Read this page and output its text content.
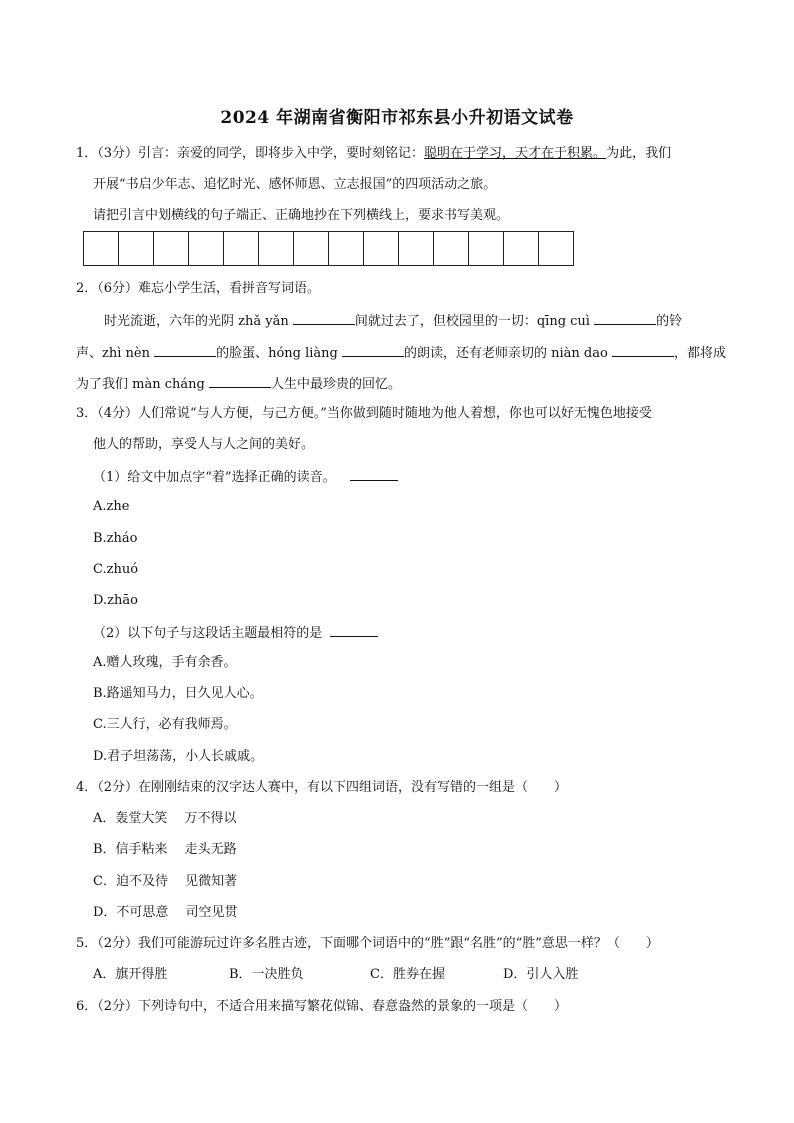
2024 年湖南省衡阳市祁东县小升初语文试卷
1．（3分）引言：亲爱的同学，即将步入中学，要时刻铭记：聪明在于学习，天才在于积累。为此，我们
开展“书启少年志、追忆时光、感怀师恩、立志报国”的四项活动之旅。
请把引言中划横线的句子端正、正确地抄在下列横线上，要求书写美观。
2．（6分）难忘小学生活，看拼音写词语。
时光流逝，六年的光阴 zhǎ yǎn	间就过去了，但校园里的一切：qīng cuì	的铃
声、zhì nèn	的脸蛋、hóng liàng	的朗读，还有老师亲切的 niàn dao	，都将成
为了我们 màn cháng	人生中最珍贵的回忆。
3．（4分）人们常说“与人方便，与己方便。”当你做到随时随地为他人着想，你也可以好无愧色地接受
他人的帮助，享受人与人之间的美好。
（1）给文中加点字“着”选择正确的读音。
A.zhe
B.zháo
C.zhuó
D.zhāo
（2）以下句子与这段话主题最相符的是
A.赠人玫瑰，手有余香。
B.路遥知马力，日久见人心。
C.三人行，必有我师焉。
D.君子坦荡荡，小人长戚戚。
4．（2分）在刚刚结束的汉字达人赛中，有以下四组词语，没有写错的一组是（　　）
A．轰堂大笑　 万不得以
B．信手粘来　 走头无路
C．迫不及待　 见微知著
D．不可思意　 司空见贯
5．（2分）我们可能游玩过许多名胜古迹，下面哪个词语中的“胜”跟“名胜”的“胜”意思一样？（　　）
A．旗开得胜	B．一决胜负	C．胜券在握	D．引人入胜
6．（2分）下列诗句中，不适合用来描写繁花似锦、春意盎然的景象的一项是（　　）
